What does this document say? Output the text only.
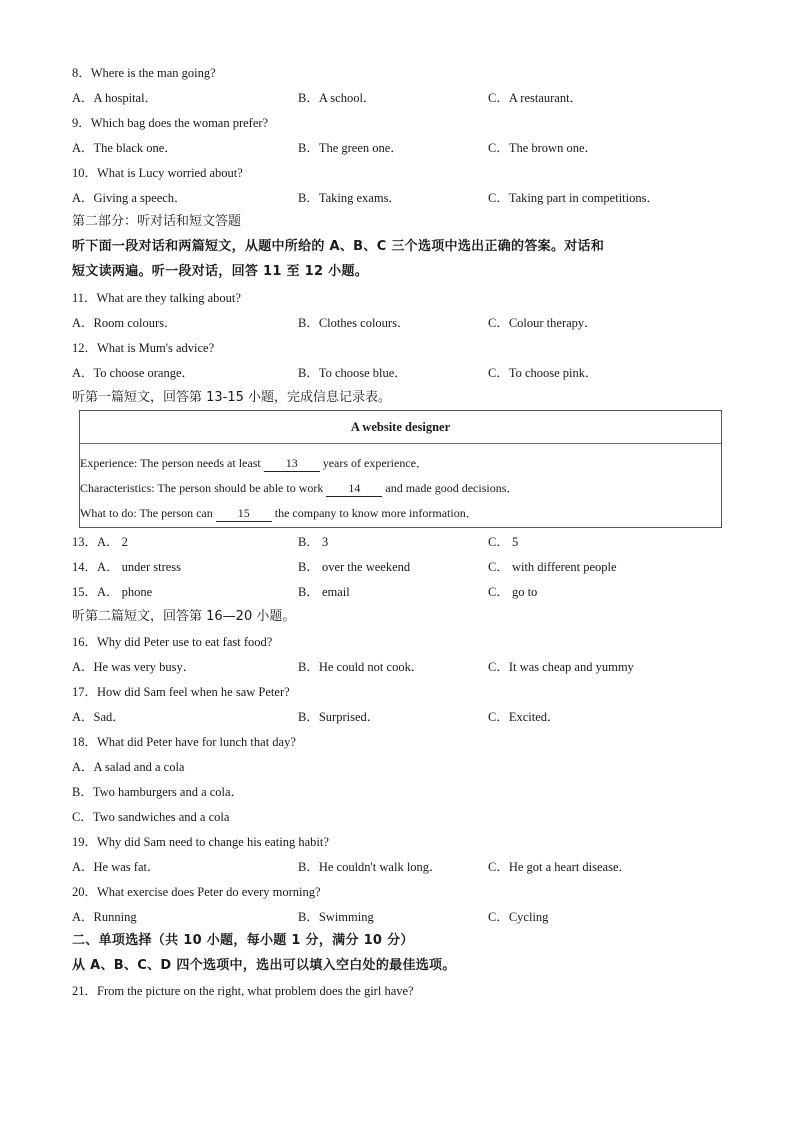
8．Where is the man going?
A．A hospital．	B．A school．	C．A restaurant．
9．Which bag does the woman prefer?
A．The black one．	B．The green one．	C．The brown one．
10．What is Lucy worried about?
A．Giving a speech．	B．Taking exams．	C．Taking part in competitions．
第二部分：听对话和短文答题
听下面一段对话和两篇短文，从题中所给的 A、B、C 三个选项中选出正确的答案。对话和
短文读两遍。听一段对话，回答 11 至 12 小题。
11．What are they talking about?
A．Room colours．	B．Clothes colours．	C．Colour therapy．
12．What is Mum's advice?
A．To choose orange．	B．To choose blue．	C．To choose pink．
听第一篇短文，回答第 13-15 小题，完成信息记录表。
A website designer
Experience: The person needs at least 13 years of experience．
Characteristics: The person should be able to work 14 and made good decisions．
What to do: The person can 15 the company to know more information．
13．A． 2	B． 3	C． 5
14．A． under stress	B． over the weekend	C． with different people
15．A． phone	B． email	C． go to
听第二篇短文，回答第 16—20 小题。
16．Why did Peter use to eat fast food?
A．He was very busy．	B．He could not cook．	C．It was cheap and yummy
17．How did Sam feel when he saw Peter?
A．Sad．	B．Surprised．	C．Excited．
18．What did Peter have for lunch that day?
A．A salad and a cola
B．Two hamburgers and a cola．
C．Two sandwiches and a cola
19．Why did Sam need to change his eating habit?
A．He was fat．	B．He couldn't walk long．	C．He got a heart disease．
20．What exercise does Peter do every morning?
A．Running	B．Swimming	C．Cycling
二、单项选择（共 10 小题，每小题 1 分，满分 10 分）
从 A、B、C、D 四个选项中，选出可以填入空白处的最佳选项。
21．From the picture on the right, what problem does the girl have?
